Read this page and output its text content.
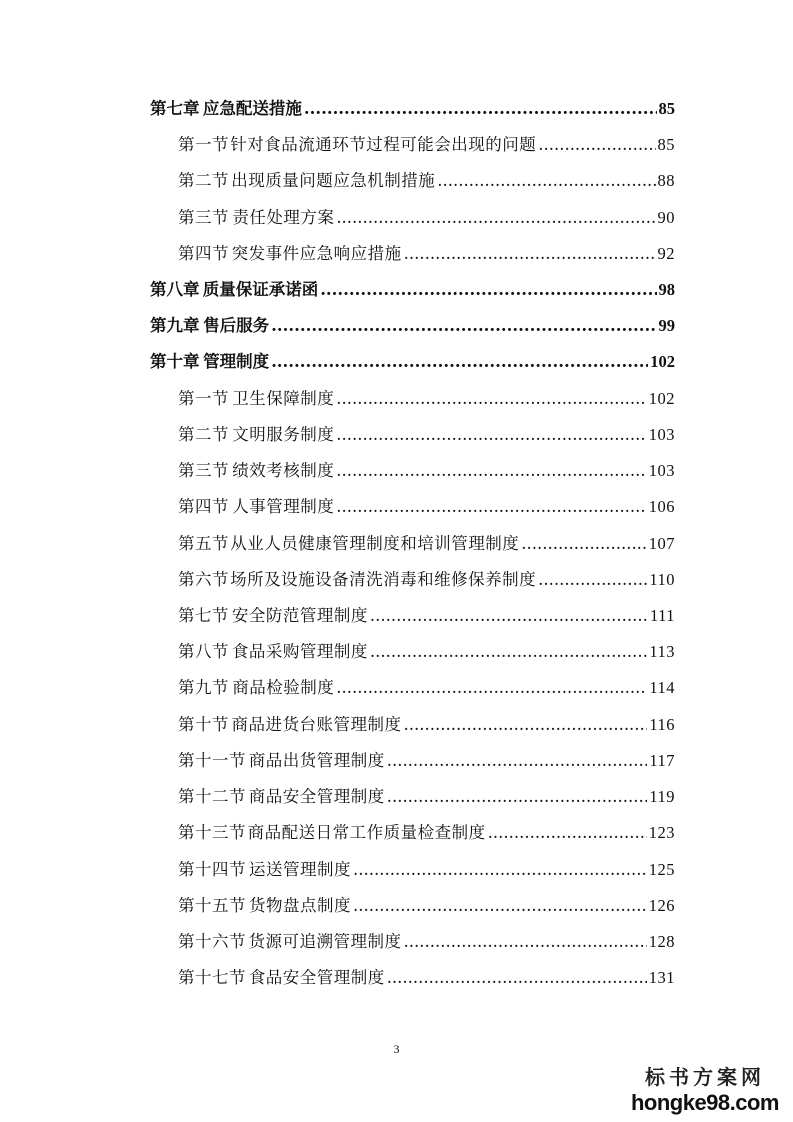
第七章 应急配送措施 .....	85
第一节 针对食品流通环节过程可能会出现的问题 .....	85
第二节 出现质量问题应急机制措施 .....	88
第三节 责任处理方案 .....	90
第四节 突发事件应急响应措施 .....	92
第八章 质量保证承诺函 .....	98
第九章 售后服务 .....	99
第十章 管理制度 .....	102
第一节 卫生保障制度 .....	102
第二节 文明服务制度 .....	103
第三节 绩效考核制度 .....	103
第四节 人事管理制度 .....	106
第五节 从业人员健康管理制度和培训管理制度 .....	107
第六节 场所及设施设备清洗消毒和维修保养制度 .....	110
第七节 安全防范管理制度 .....	111
第八节 食品采购管理制度 .....	113
第九节 商品检验制度 .....	114
第十节 商品进货台账管理制度 .....	116
第十一节 商品出货管理制度 .....	117
第十二节 商品安全管理制度 .....	119
第十三节 商品配送日常工作质量检查制度 .....	123
第十四节 运送管理制度 .....	125
第十五节 货物盘点制度 .....	126
第十六节 货源可追溯管理制度 .....	128
第十七节 食品安全管理制度 .....	131
3
标书方案网
hongke98.com
